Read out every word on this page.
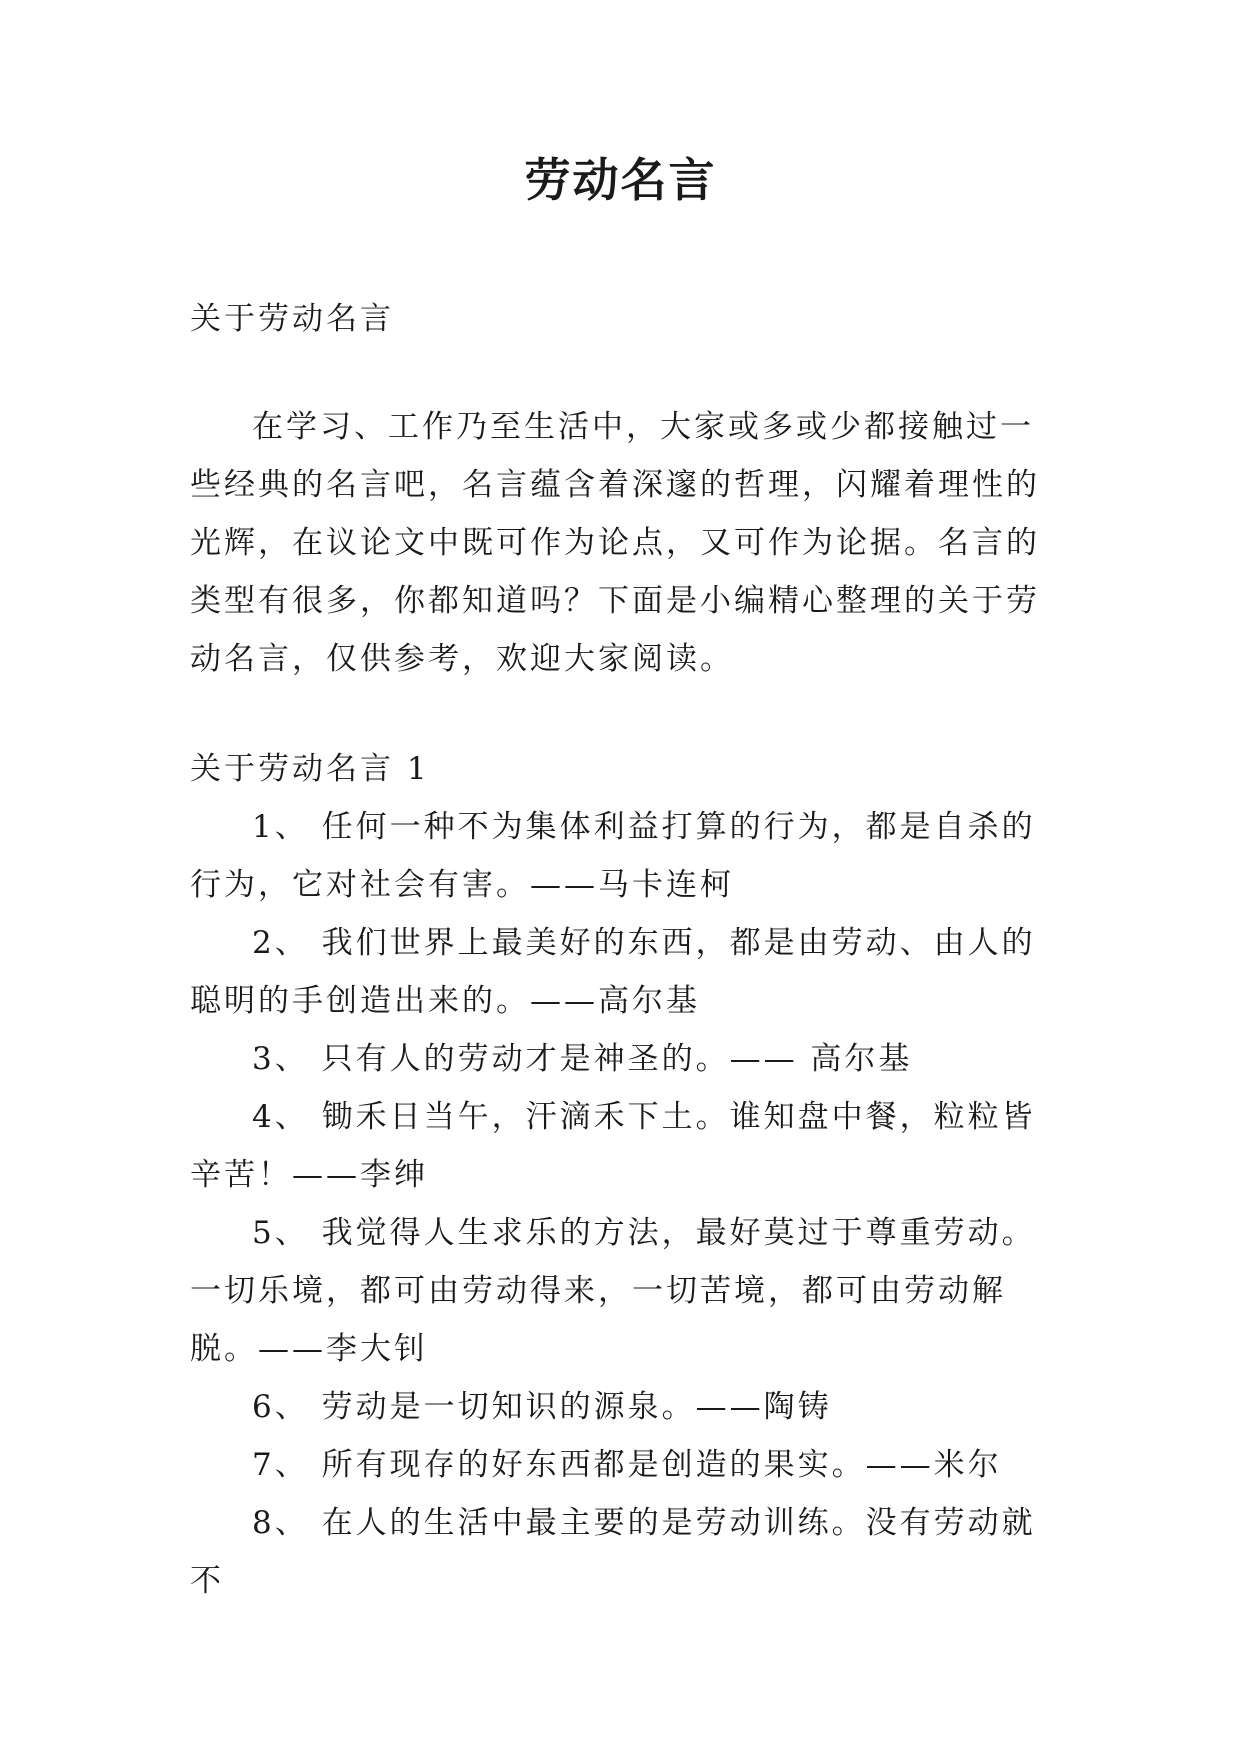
劳动名言

关于劳动名言

在学习、工作乃至生活中，大家或多或少都接触过一些经典的名言吧，名言蕴含着深邃的哲理，闪耀着理性的光辉，在议论文中既可作为论点，又可作为论据。名言的类型有很多，你都知道吗？下面是小编精心整理的关于劳动名言，仅供参考，欢迎大家阅读。

关于劳动名言 1

1、 任何一种不为集体利益打算的行为，都是自杀的行为，它对社会有害。——马卡连柯

2、 我们世界上最美好的东西，都是由劳动、由人的聪明的手创造出来的。——高尔基

3、 只有人的劳动才是神圣的。—— 高尔基

4、 锄禾日当午，汗滴禾下土。谁知盘中餐，粒粒皆辛苦！——李绅

5、 我觉得人生求乐的方法，最好莫过于尊重劳动。一切乐境，都可由劳动得来，一切苦境，都可由劳动解脱。——李大钊

6、 劳动是一切知识的源泉。——陶铸

7、 所有现存的好东西都是创造的果实。——米尔

8、 在人的生活中最主要的是劳动训练。没有劳动就不
